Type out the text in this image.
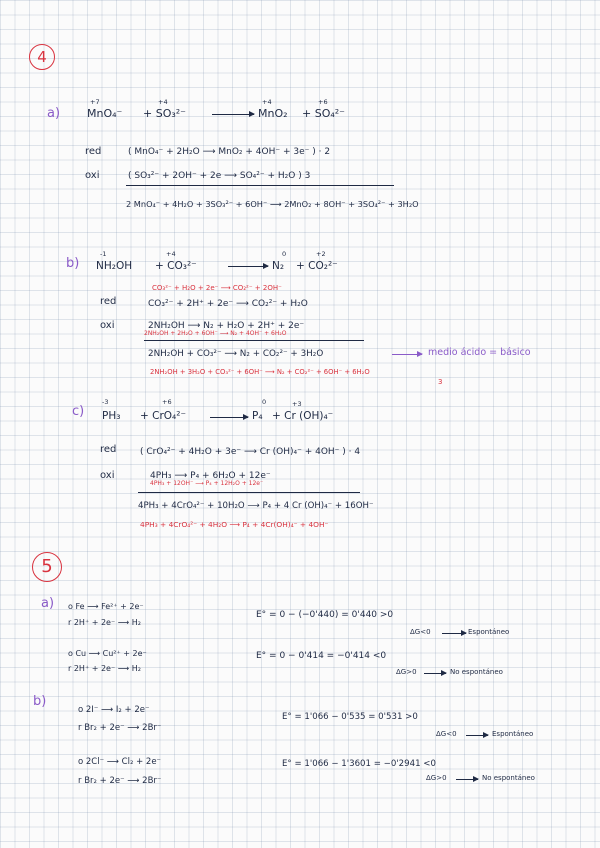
4
a)
+7	+4	+4	+6
MnO₄⁻ + SO₃²⁻ → MnO₂ + SO₄²⁻
red	( MnO₄⁻ + 2H₂O ⟶ MnO₂ + 4OH⁻ + 3e⁻ ) · 2
oxi	( SO₃²⁻ + 2OH⁻ + 2e ⟶ SO₄²⁻ + H₂O ) 3
2 MnO₄⁻ + 4H₂O + 3SO₃²⁻ + 6OH⁻ ⟶ 2MnO₂ + 8OH⁻ + 3SO₄²⁻ + 3H₂O
b)
-1	+4	0	+2
NH₂OH + CO₃²⁻ → N₂ + CO₂²⁻
CO₃²⁻ + H₂O + 2e⁻ ⟶ CO₂²⁻ + 2OH⁻
red	CO₃²⁻ + 2H⁺ + 2e⁻ ⟶ CO₂²⁻ + H₂O
oxi	2NH₂OH ⟶ N₂ + H₂O + 2H⁺ + 2e⁻
2NH₂OH + 2H₂O + 6OH⁻ ⟶ N₂ + 4OH⁻ + 6H₂O
2NH₂OH + CO₃²⁻ ⟶ N₂ + CO₂²⁻ + 3H₂O	medio ácido = básico
2NH₂OH + 3H₂O + CO₃²⁻ + 6OH⁻ ⟶ N₂ + CO₂²⁻ + 6OH⁻ + 6H₂O
3
c)
-3	+6	0	+3
PH₃ + CrO₄²⁻ → P₄ + Cr (OH)₄⁻
red	( CrO₄²⁻ + 4H₂O + 3e⁻ ⟶ Cr (OH)₄⁻ + 4OH⁻ ) · 4
oxi	4PH₃ ⟶ P₄ + 6H₂O + 12e⁻
4PH₃ + 12OH⁻ ⟶ P₄ + 12H₂O + 12e⁻
4PH₃ + 4CrO₄²⁻ + 10H₂O ⟶ P₄ + 4 Cr (OH)₄⁻ + 16OH⁻
4PH₃ + 4CrO₄²⁻ + 4H₂O ⟶ P₄ + 4Cr(OH)₄⁻ + 4OH⁻
5
a) o Fe ⟶ Fe²⁺ + 2e⁻
r 2H⁺ + 2e⁻ ⟶ H₂
E° = 0 − (−0'440) = 0'440 >0
ΔG<0	Espontáneo
o Cu ⟶ Cu²⁺ + 2e⁻
r 2H⁺ + 2e⁻ ⟶ H₂
E° = 0 − 0'414 = −0'414 <0
ΔG>0	No espontáneo
b)
o 2I⁻ ⟶ I₂ + 2e⁻
r Br₂ + 2e⁻ ⟶ 2Br⁻
E° = 1'066 − 0'535 = 0'531 >0
ΔG<0	Espontáneo
o 2Cl⁻ ⟶ Cl₂ + 2e⁻
r Br₂ + 2e⁻ ⟶ 2Br⁻
E° = 1'066 − 1'3601 = −0'2941 <0
ΔG>0	No espontáneo
